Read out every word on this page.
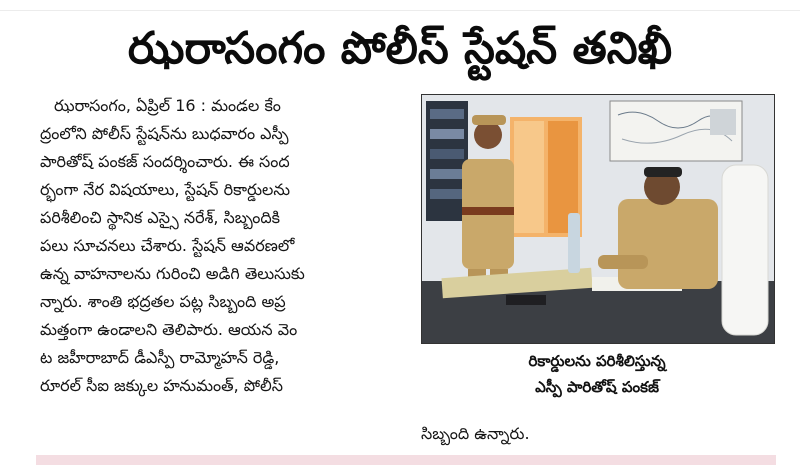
ఝరాసంగం పోలీస్ స్టేషన్ తనిఖీ
ఝరాసంగం, ఏప్రిల్ 16 : మండల కేం
ద్రంలోని పోలీస్ స్టేషన్‌ను బుధవారం ఎస్పీ
పారితోష్ పంకజ్ సందర్శించారు. ఈ సంద
ర్భంగా నేర విషయాలు, స్టేషన్ రికార్డులను
పరిశీలించి స్థానిక ఎస్సై నరేశ్, సిబ్బందికి
పలు సూచనలు చేశారు. స్టేషన్ ఆవరణలో
ఉన్న వాహనాలను గురించి అడిగి తెలుసుకు
న్నారు. శాంతి భద్రతల పట్ల సిబ్బంది అప్ర
మత్తంగా ఉండాలని తెలిపారు. ఆయన వెం
ట జహీరాబాద్ డీఎస్పీ రామ్మోహన్ రెడ్డి,
రూరల్ సీఐ జక్కుల హనుమంత్, పోలీస్
రికార్డులను పరిశీలిస్తున్న
ఎస్పీ పారితోష్ పంకజ్
సిబ్బంది ఉన్నారు.
